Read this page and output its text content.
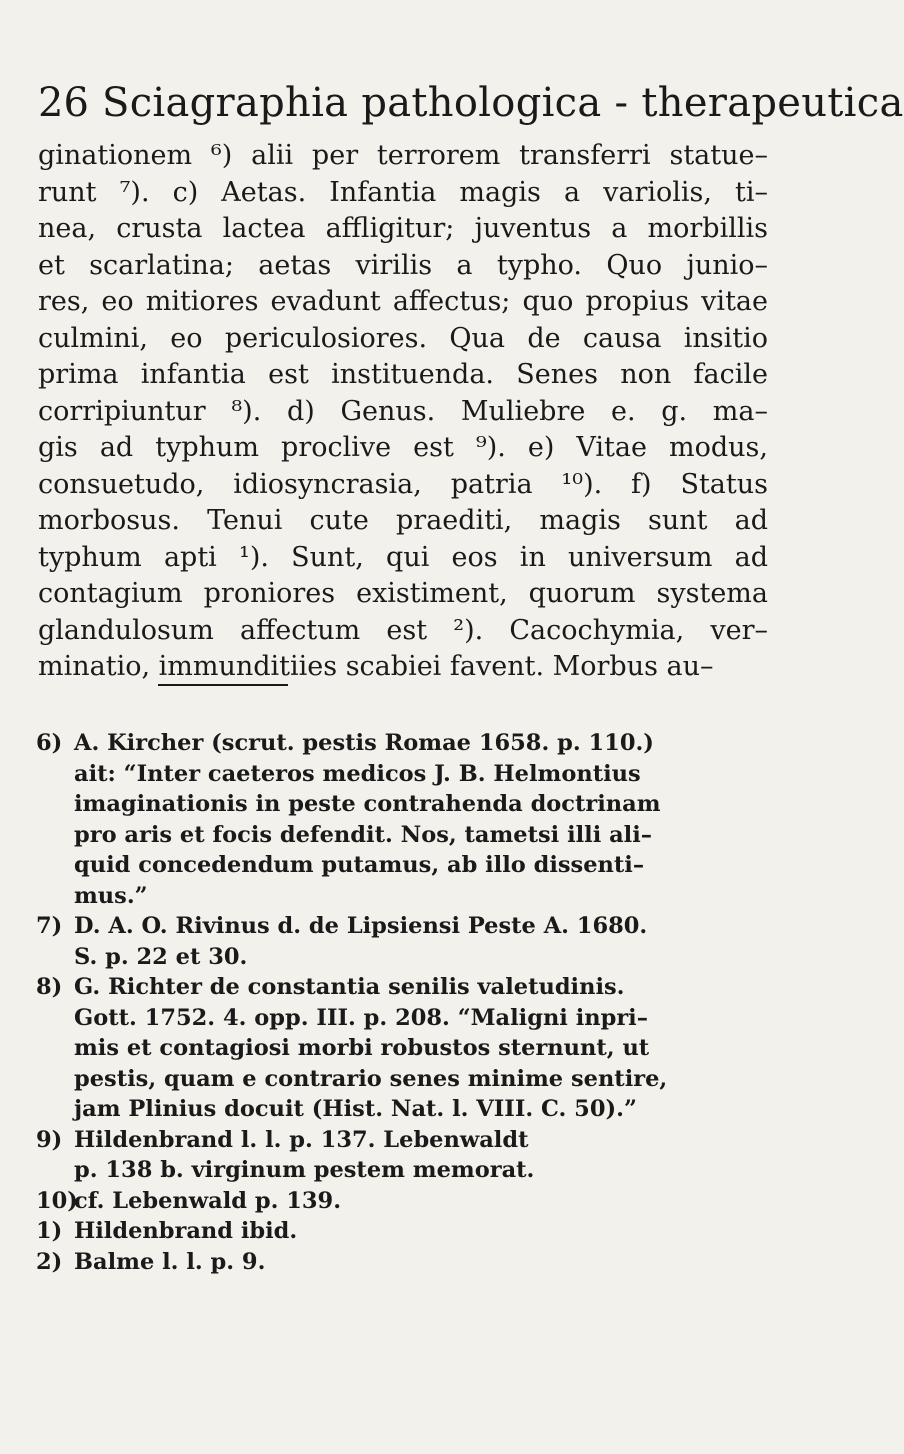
26 Sciagraphia pathologica - therapeutica
ginationem ⁶) alii per terrorem transferri statue–
runt ⁷). c) Aetas. Infantia magis a variolis, ti–
nea, crusta lactea affligitur; juventus a morbillis
et scarlatina; aetas virilis a typho. Quo junio–
res, eo mitiores evadunt affectus; quo propius vitae
culmini, eo periculosiores. Qua de causa insitio
prima infantia est instituenda. Senes non facile
corripiuntur ⁸). d) Genus. Muliebre e. g. ma–
gis ad typhum proclive est ⁹). e) Vitae modus,
consuetudo, idiosyncrasia, patria ¹⁰). f) Status
morbosus. Tenui cute praediti, magis sunt ad
typhum apti ¹). Sunt, qui eos in universum ad
contagium proniores existiment, quorum systema
glandulosum affectum est ²). Cacochymia, ver–
minatio, immunditiies scabiei favent. Morbus au–
6) A. Kircher (scrut. pestis Romae 1658. p. 110.)
ait: “Inter caeteros medicos J. B. Helmontius
imaginationis in peste contrahenda doctrinam
pro aris et focis defendit. Nos, tametsi illi ali–
quid concedendum putamus, ab illo dissenti–
mus.”
7) D. A. O. Rivinus d. de Lipsiensi Peste A. 1680.
S. p. 22 et 30.
8) G. Richter de constantia senilis valetudinis.
Gott. 1752. 4. opp. III. p. 208. “Maligni inpri–
mis et contagiosi morbi robustos sternunt, ut
pestis, quam e contrario senes minime sentire,
jam Plinius docuit (Hist. Nat. l. VIII. C. 50).”
9) Hildenbrand l. l. p. 137. Lebenwaldt
p. 138 b. virginum pestem memorat.
10)
cf. Lebenwald p. 139.
1) Hildenbrand ibid.
2) Balme l. l. p. 9.
